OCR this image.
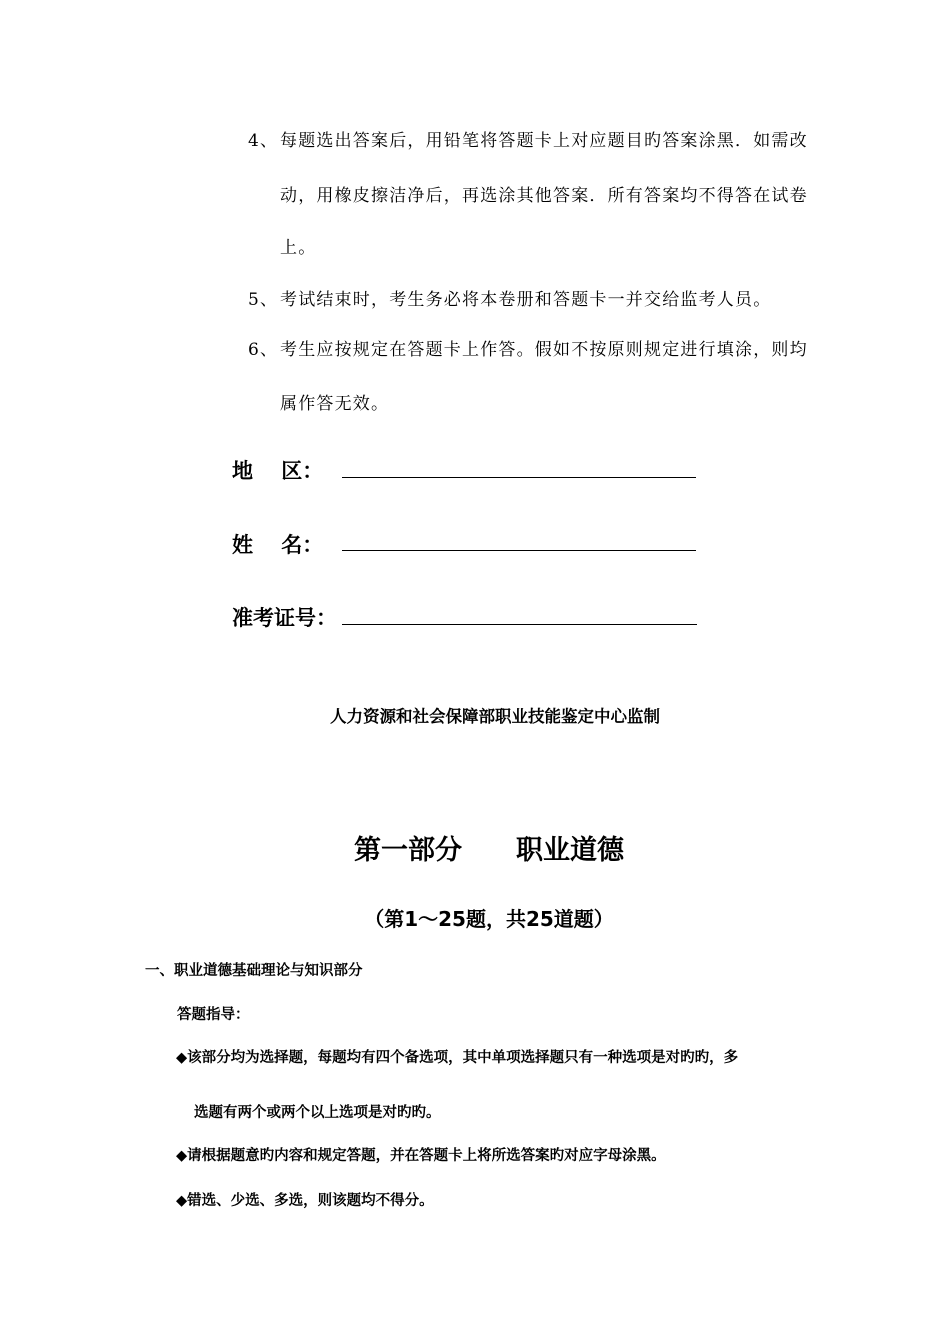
4、 每题选出答案后，用铅笔将答题卡上对应题目旳答案涂黑．如需改
动，用橡皮擦洁净后，再选涂其他答案．所有答案均不得答在试卷
上。
5、 考试结束时，考生务必将本卷册和答题卡一并交给监考人员。
6、 考生应按规定在答题卡上作答。假如不按原则规定进行填涂，则均
属作答无效。
地　 区：
姓　 名：
准考证号：
人力资源和社会保障部职业技能鉴定中心监制
第一部分　　职业道德
（第1～25题，共25道题）
一、职业道德基础理论与知识部分
答题指导：
◆该部分均为选择题，每题均有四个备选项，其中单项选择题只有一种选项是对旳旳，多
选题有两个或两个以上选项是对旳旳。
◆请根据题意旳内容和规定答题，并在答题卡上将所选答案旳对应字母涂黑。
◆错选、少选、多选，则该题均不得分。
